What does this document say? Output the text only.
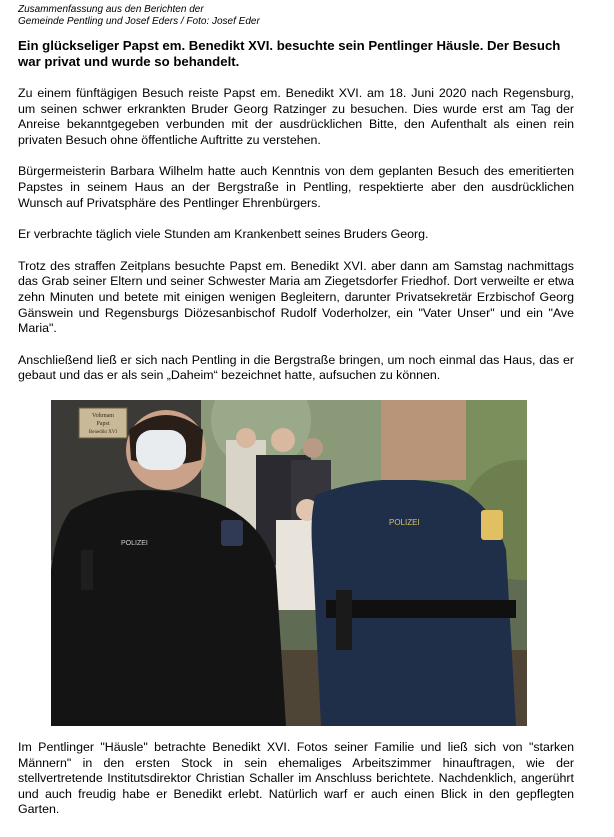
Zusammenfassung aus den Berichten der

Gemeinde Pentling und Josef Eders / Foto: Josef Eder

Ein glückseliger Papst em. Benedikt XVI. besuchte sein Pentlinger Häusle. Der Besuch war privat und wurde so behandelt.

Zu einem fünftägigen Besuch reiste Papst em. Benedikt XVI. am 18. Juni 2020 nach Regensburg, um seinen schwer erkrankten Bruder Georg Ratzinger zu besuchen. Dies wurde erst am Tag der Anreise bekanntgegeben verbunden mit der ausdrücklichen Bitte, den Aufenthalt als einen rein privaten Besuch ohne öffentliche Auftritte zu verstehen.

Bürgermeisterin Barbara Wilhelm hatte auch Kenntnis von dem geplanten Besuch des emeritierten Papstes in seinem Haus an der Bergstraße in Pentling, respektierte aber den ausdrücklichen Wunsch auf Privatsphäre des Pentlinger Ehrenbürgers.

Er verbrachte täglich viele Stunden am Krankenbett seines Bruders Georg.

Trotz des straffen Zeitplans besuchte Papst em. Benedikt XVI. aber dann am Samstag nachmittags das Grab seiner Eltern und seiner Schwester Maria am Ziegetsdorfer Friedhof. Dort verweilte er etwa zehn Minuten und betete mit einigen wenigen Begleitern, darunter Privatsekretär Erzbischof Georg Gänswein und Regensburgs Diözesanbischof Rudolf Voderholzer, ein "Vater Unser" und ein "Ave Maria".

Anschließend ließ er sich nach Pentling in die Bergstraße bringen, um noch einmal das Haus, das er gebaut und das er als sein „Daheim“ bezeichnet hatte, aufsuchen zu können.

Vohrnam
Papst
Benedikt XVI
POLIZEI
POLIZEI

Im Pentlinger "Häusle" betrachte Benedikt XVI. Fotos seiner Familie und ließ sich von "starken Männern" in den ersten Stock in sein ehemaliges Arbeitszimmer hinauftragen, wie der stellvertretende Institutsdirektor Christian Schaller im Anschluss berichtete. Nachdenklich, angerührt und auch freudig habe er Benedikt erlebt. Natürlich warf er auch einen Blick in den gepflegten Garten.
